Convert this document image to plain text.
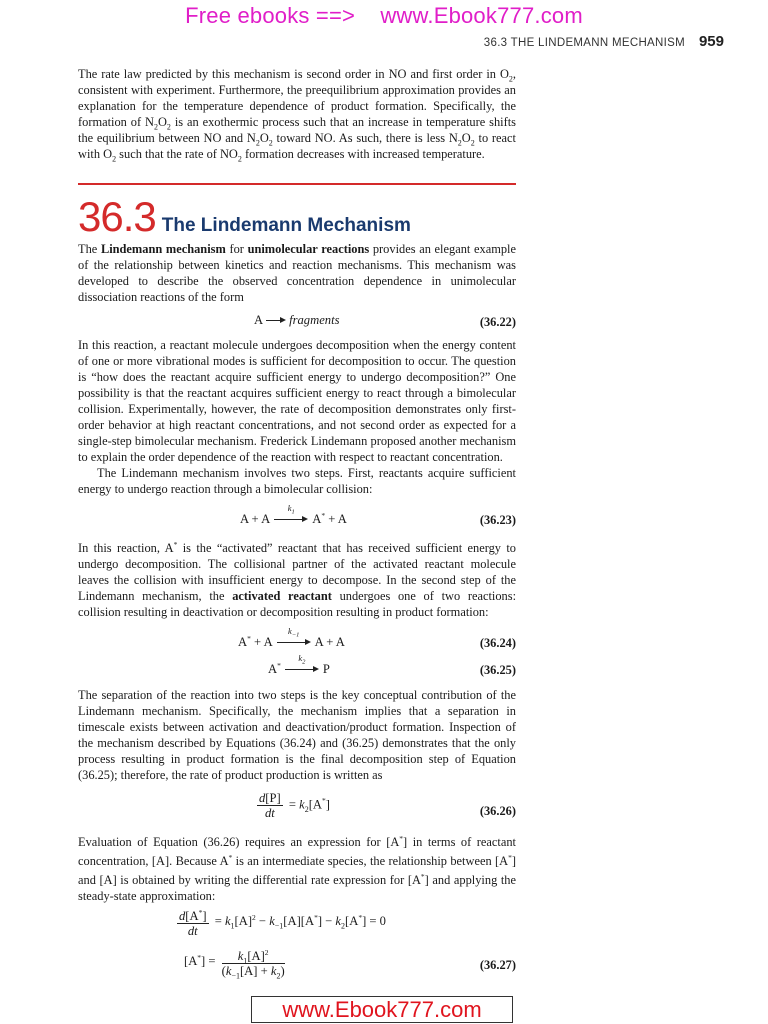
Free ebooks ==> www.Ebook777.com
36.3 THE LINDEMANN MECHANISM 959

The rate law predicted by this mechanism is second order in NO and first order in $O_2$, consistent with experiment. Furthermore, the preequilibrium approximation provides an explanation for the temperature dependence of product formation. Specifically, the formation of $N_2O_2$ is an exothermic process such that an increase in temperature shifts the equilibrium between NO and $N_2O_2$ toward NO. As such, there is less $N_2O_2$ to react with $O_2$ such that the rate of $NO_2$ formation decreases with increased temperature.

36.3 The Lindemann Mechanism

The Lindemann mechanism for unimolecular reactions provides an elegant example of the relationship between kinetics and reaction mechanisms. This mechanism was developed to describe the observed concentration dependence in unimolecular dissociation reactions of the form

A fragments	(36.22)

In this reaction, a reactant molecule undergoes decomposition when the energy content of one or more vibrational modes is sufficient for decomposition to occur. The question is “how does the reactant acquire sufficient energy to undergo decomposition?” One possibility is that the reactant acquires sufficient energy to react through a bimolecular collision. Experimentally, however, the rate of decomposition demonstrates only first-order behavior at high reactant concentrations, and not second order as expected for a single-step bimolecular mechanism. Frederick Lindemann proposed another mechanism to explain the order dependence of the reaction with respect to reactant concentration.

The Lindemann mechanism involves two steps. First, reactants acquire sufficient energy to undergo reaction through a bimolecular collision:

A + A
$k_1$	A* + A	(36.23)

In this reaction, A* is the “activated” reactant that has received sufficient energy to undergo decomposition. The collisional partner of the activated reactant molecule leaves the collision with insufficient energy to decompose. In the second step of the Lindemann mechanism, the activated reactant undergoes one of two reactions: collision resulting in deactivation or decomposition resulting in product formation:

A* + A
$k_{-1}$	A + A	(36.24)
A*
$k_2$	P	(36.25)

The separation of the reaction into two steps is the key conceptual contribution of the Lindemann mechanism. Specifically, the mechanism implies that a separation in timescale exists between activation and deactivation/product formation. Inspection of the mechanism described by Equations (36.24) and (36.25) demonstrates that the only process resulting in product formation is the final decomposition step of Equation (36.25); therefore, the rate of product production is written as

$\frac{d[P]}{dt} = k_2[A^*]$	(36.26)

Evaluation of Equation (36.26) requires an expression for [A*] in terms of reactant concentration, [A]. Because A* is an intermediate species, the relationship between [A*] and [A] is obtained by writing the differential rate expression for [A*] and applying the steady-state approximation:

$\frac{d[A^*]}{dt} = k_1[A]^2 - k_{-1}[A][A^*] - k_2[A^*] = 0$
$[A^*] = \frac{k_1[A]^2}{(k_{-1}[A] + k_2)}$	(36.27)
www.Ebook777.com
